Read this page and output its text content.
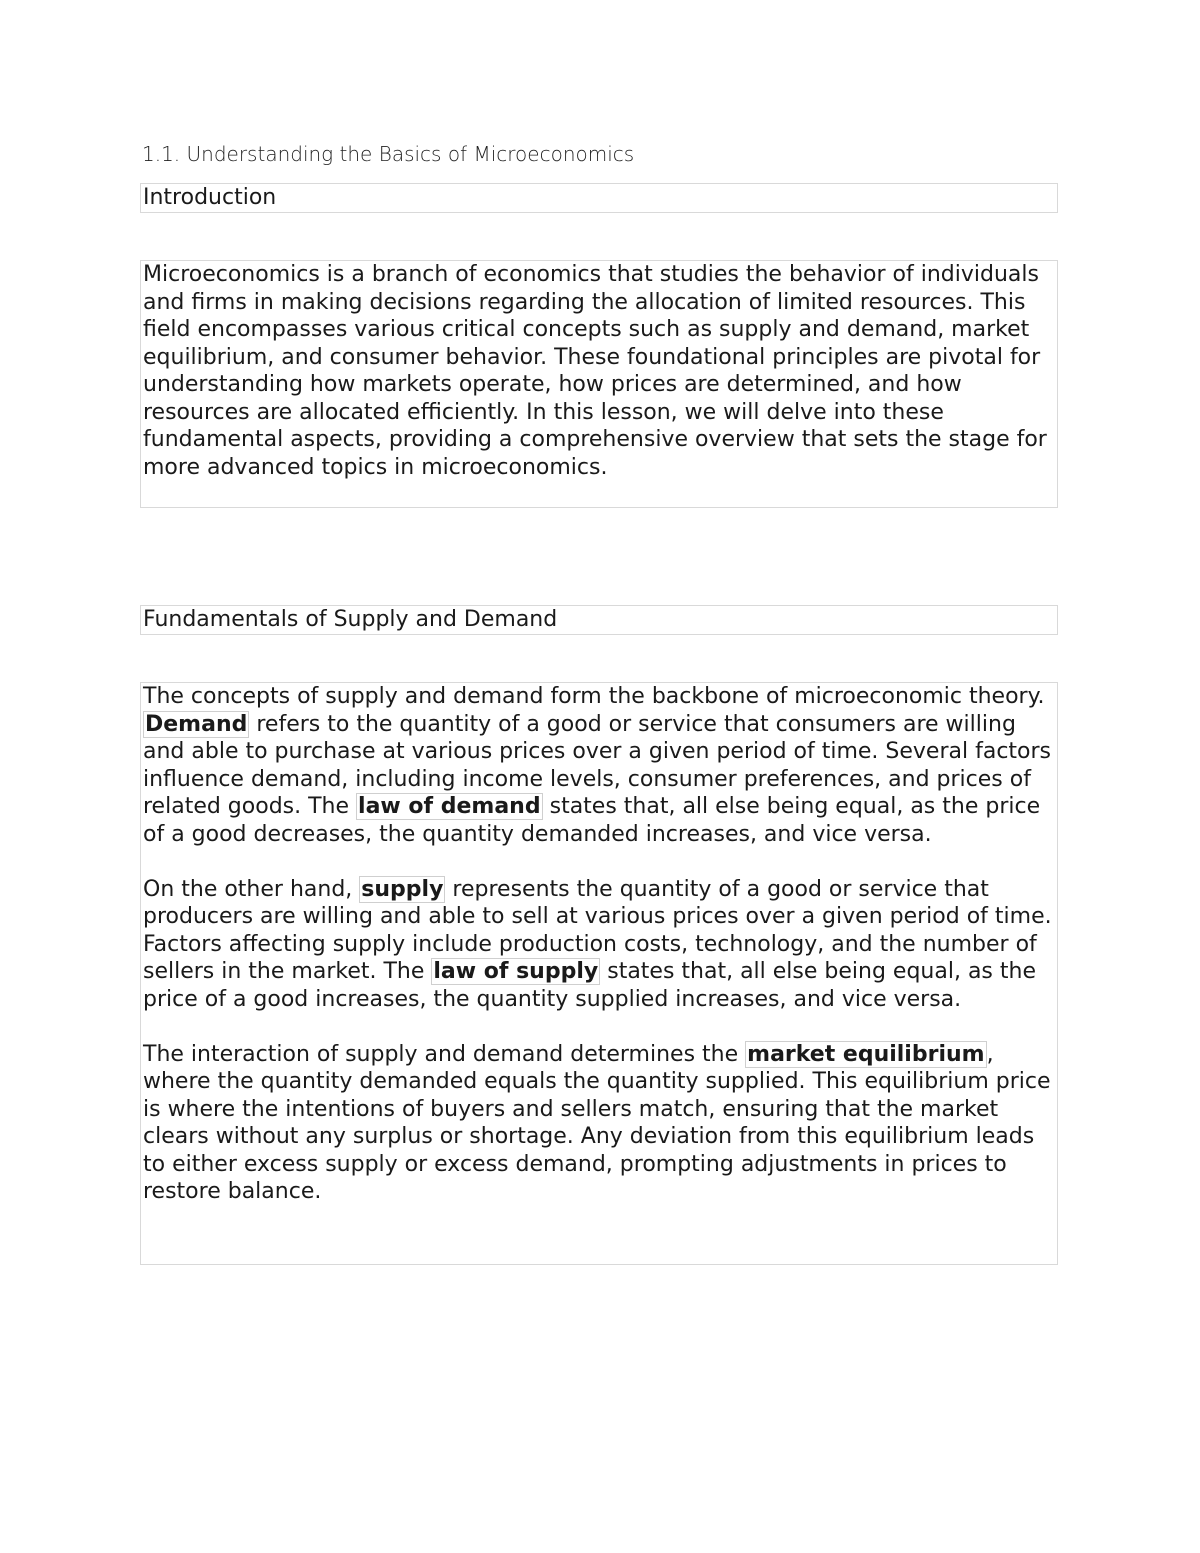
1.1. Understanding the Basics of Microeconomics
Introduction

Microeconomics is a branch of economics that studies the behavior of individuals and firms in making decisions regarding the allocation of limited resources. This field encompasses various critical concepts such as supply and demand, market equilibrium, and consumer behavior. These foundational principles are pivotal for understanding how markets operate, how prices are determined, and how resources are allocated efficiently. In this lesson, we will delve into these fundamental aspects, providing a comprehensive overview that sets the stage for more advanced topics in microeconomics.

Fundamentals of Supply and Demand

The concepts of supply and demand form the backbone of microeconomic theory. Demand refers to the quantity of a good or service that consumers are willing and able to purchase at various prices over a given period of time. Several factors influence demand, including income levels, consumer preferences, and prices of related goods. The law of demand states that, all else being equal, as the price of a good decreases, the quantity demanded increases, and vice versa.

On the other hand, supply represents the quantity of a good or service that producers are willing and able to sell at various prices over a given period of time. Factors affecting supply include production costs, technology, and the number of sellers in the market. The law of supply states that, all else being equal, as the price of a good increases, the quantity supplied increases, and vice versa.

The interaction of supply and demand determines the market equilibrium, where the quantity demanded equals the quantity supplied. This equilibrium price is where the intentions of buyers and sellers match, ensuring that the market clears without any surplus or shortage. Any deviation from this equilibrium leads to either excess supply or excess demand, prompting adjustments in prices to restore balance.
